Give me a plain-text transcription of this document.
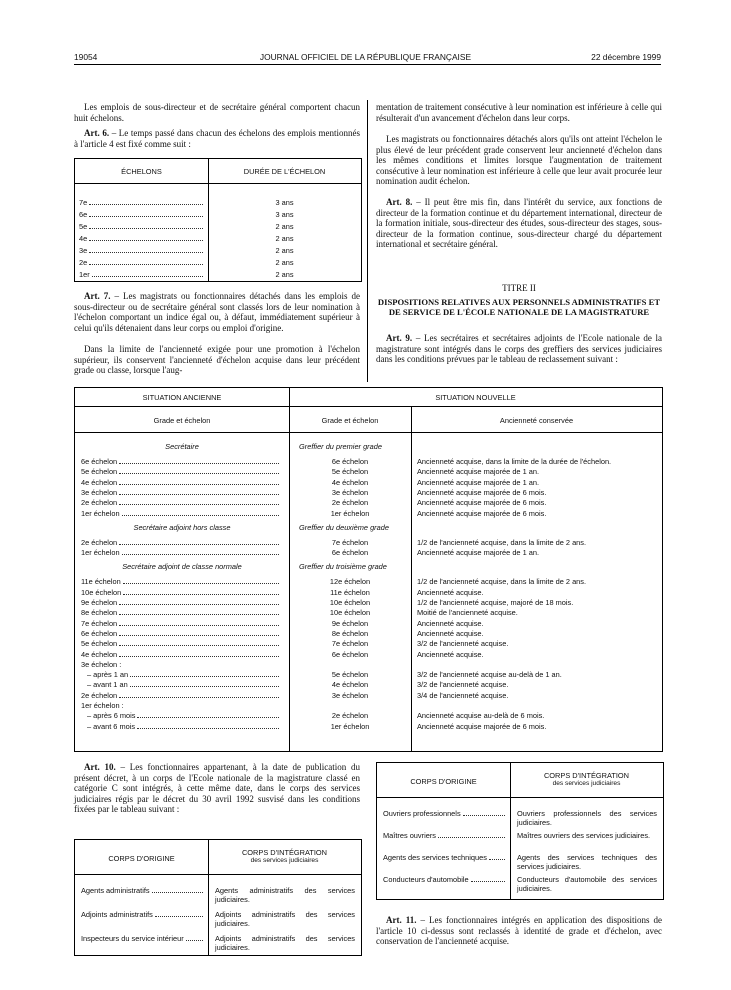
19054	JOURNAL OFFICIEL DE LA RÉPUBLIQUE FRANÇAISE	22 décembre 1999
Les emplois de sous-directeur et de secrétaire général comportent chacun huit échelons.
Art. 6. – Le temps passé dans chacun des échelons des emplois mentionnés à l'article 4 est fixé comme suit :
ÉCHELONS	DURÉE DE L'ÉCHELON
7e	3 ans
6e	3 ans
5e	2 ans
4e	2 ans
3e	2 ans
2e	2 ans
1er	2 ans
Art. 7. – Les magistrats ou fonctionnaires détachés dans les emplois de sous-directeur ou de secrétaire général sont classés lors de leur nomination à l'échelon comportant un indice égal ou, à défaut, immédiatement supérieur à celui qu'ils détenaient dans leur corps ou emploi d'origine.
Dans la limite de l'ancienneté exigée pour une promotion à l'échelon supérieur, ils conservent l'ancienneté d'échelon acquise dans leur précédent grade ou classe, lorsque l'aug-
mentation de traitement consécutive à leur nomination est inférieure à celle qui résulterait d'un avancement d'échelon dans leur corps.
Les magistrats ou fonctionnaires détachés alors qu'ils ont atteint l'échelon le plus élevé de leur précédent grade conservent leur ancienneté d'échelon dans les mêmes conditions et limites lorsque l'augmentation de traitement consécutive à leur nomination est inférieure à celle que leur avait procurée leur nomination audit échelon.
Art. 8. – Il peut être mis fin, dans l'intérêt du service, aux fonctions de directeur de la formation continue et du département international, directeur de la formation initiale, sous-directeur des études, sous-directeur des stages, sous-directeur de la formation continue, sous-directeur chargé du département international et secrétaire général.
TITRE II
DISPOSITIONS RELATIVES AUX PERSONNELS ADMINISTRATIFS ET DE SERVICE DE L'ÉCOLE NATIONALE DE LA MAGISTRATURE
Art. 9. – Les secrétaires et secrétaires adjoints de l'Ecole nationale de la magistrature sont intégrés dans le corps des greffiers des services judiciaires dans les conditions prévues par le tableau de reclassement suivant :
SITUATION ANCIENNE	SITUATION NOUVELLE
Grade et échelon	Grade et échelon	Ancienneté conservée
Secrétaire	Greffier du premier grade
6e échelon	6e échelon	Ancienneté acquise, dans la limite de la durée de l'échelon.
5e échelon	5e échelon	Ancienneté acquise majorée de 1 an.
4e échelon	4e échelon	Ancienneté acquise majorée de 1 an.
3e échelon	3e échelon	Ancienneté acquise majorée de 6 mois.
2e échelon	2e échelon	Ancienneté acquise majorée de 6 mois.
1er échelon	1er échelon	Ancienneté acquise majorée de 6 mois.
Secrétaire adjoint hors classe	Greffier du deuxième grade
2e échelon	7e échelon	1/2 de l'ancienneté acquise, dans la limite de 2 ans.
1er échelon	6e échelon	Ancienneté acquise majorée de 1 an.
Secrétaire adjoint de classe normale	Greffier du troisième grade
11e échelon	12e échelon	1/2 de l'ancienneté acquise, dans la limite de 2 ans.
10e échelon	11e échelon	Ancienneté acquise.
9e échelon	10e échelon	1/2 de l'ancienneté acquise, majoré de 18 mois.
8e échelon	10e échelon	Moitié de l'ancienneté acquise.
7e échelon	9e échelon	Ancienneté acquise.
6e échelon	8e échelon	Ancienneté acquise.
5e échelon	7e échelon	3/2 de l'ancienneté acquise.
4e échelon	6e échelon	Ancienneté acquise.
3e échelon :
– après 1 an	5e échelon	3/2 de l'ancienneté acquise au-delà de 1 an.
– avant 1 an	4e échelon	3/2 de l'ancienneté acquise.
2e échelon	3e échelon	3/4 de l'ancienneté acquise.
1er échelon :
– après 6 mois	2e échelon	Ancienneté acquise au-delà de 6 mois.
– avant 6 mois	1er échelon	Ancienneté acquise majorée de 6 mois.
Art. 10. – Les fonctionnaires appartenant, à la date de publication du présent décret, à un corps de l'Ecole nationale de la magistrature classé en catégorie C sont intégrés, à cette même date, dans le corps des services judiciaires régis par le décret du 30 avril 1992 susvisé dans les conditions fixées par le tableau suivant :
CORPS D'ORIGINE
CORPS D'INTÉGRATION
des services judiciaires
Agents administratifs	Agents administratifs des services judiciaires.
Adjoints administratifs	Adjoints administratifs des services judiciaires.
Inspecteurs du service intérieur	Adjoints administratifs des services judiciaires.
CORPS D'ORIGINE
CORPS D'INTÉGRATION
des services judiciaires
Ouvriers professionnels	Ouvriers professionnels des services judiciaires.
Maîtres ouvriers	Maîtres ouvriers des services judiciaires.
Agents des services techniques	Agents des services techniques des services judiciaires.
Conducteurs d'automobile	Conducteurs d'automobile des services judiciaires.
Art. 11. – Les fonctionnaires intégrés en application des dispositions de l'article 10 ci-dessus sont reclassés à identité de grade et d'échelon, avec conservation de l'ancienneté acquise.
